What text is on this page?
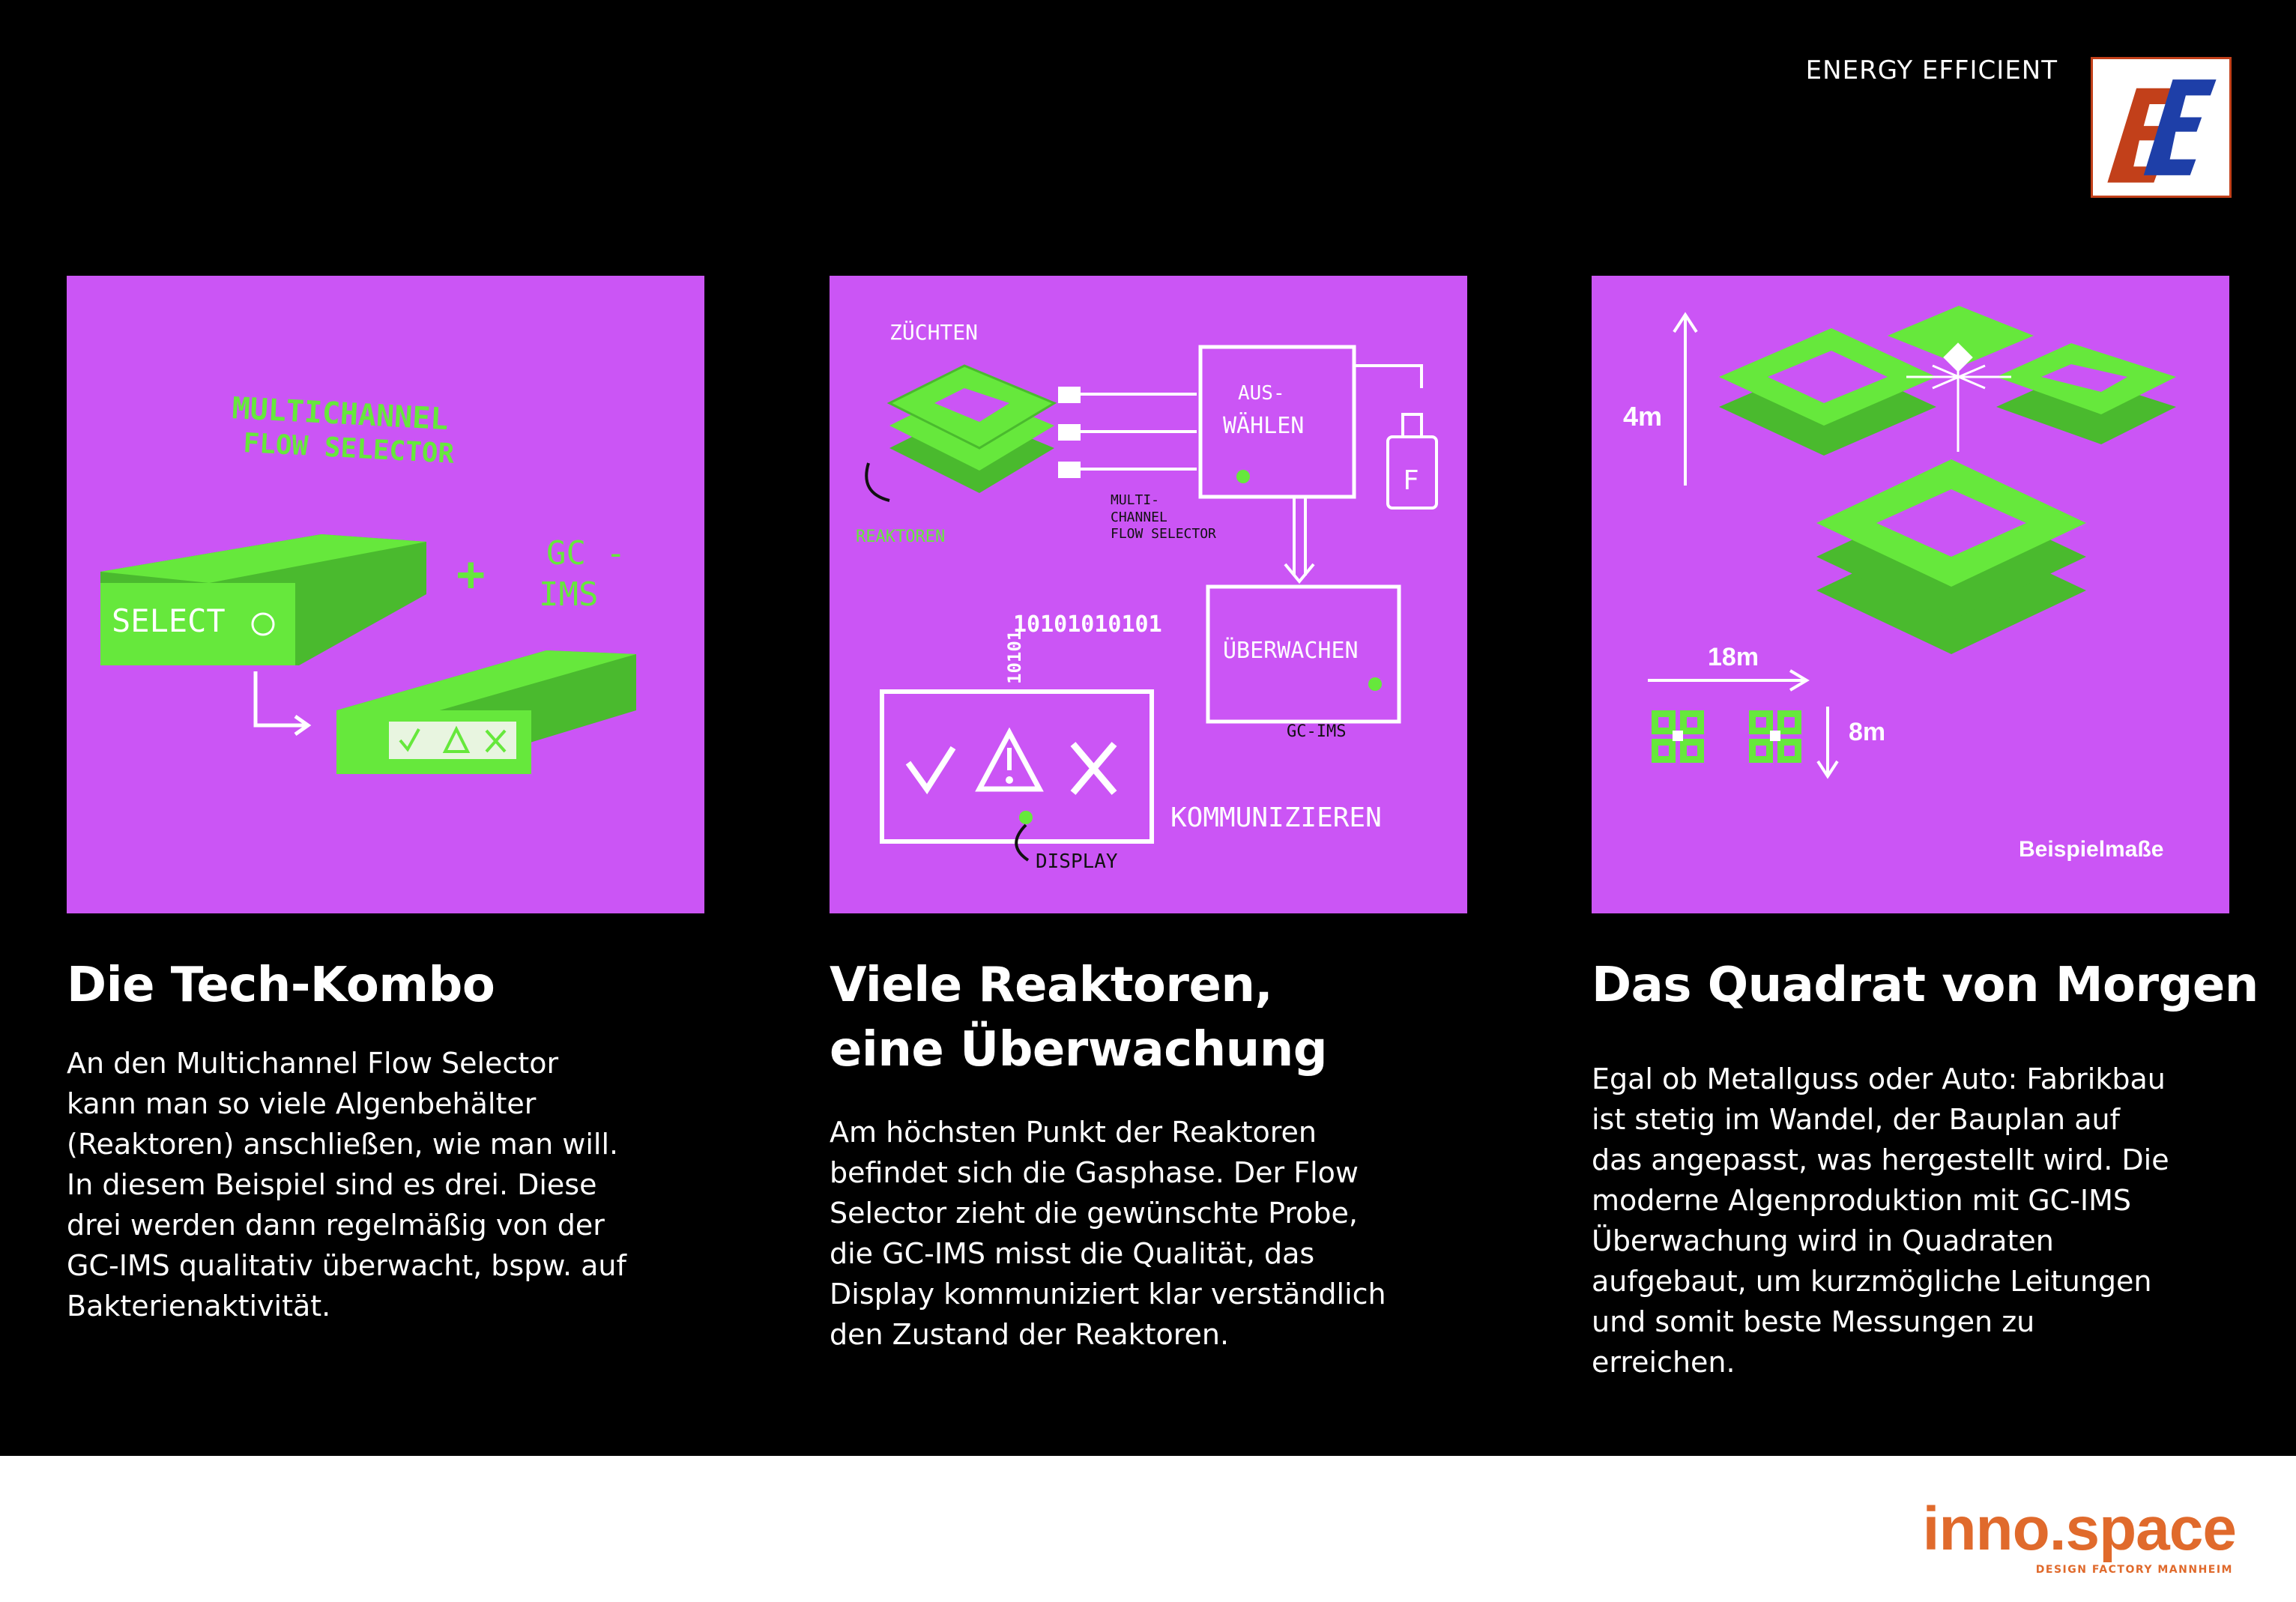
ENERGY EFFICIENT
MULTICHANNEL
FLOW SELECTOR
SELECT
+ GC -
IMS
ZÜCHTEN
REAKTOREN
AUS-
WÄHLEN
MULTI-
CHANNEL
FLOW SELECTOR
F
ÜBERWACHEN
GC-IMS
10101010101
10101
DISPLAY
KOMMUNIZIEREN
4m
18m
8m
Beispielmaße
Die Tech-Kombo

An den Multichannel Flow Selector kann man so viele Algenbehälter (Reaktoren) anschließen, wie man will. In diesem Beispiel sind es drei. Diese drei werden dann regelmäßig von der GC-IMS qualitativ überwacht, bspw. auf Bakterienaktivität.

Viele Reaktoren,
eine Überwachung

Am höchsten Punkt der Reaktoren befindet sich die Gasphase. Der Flow Selector zieht die gewünschte Probe, die GC-IMS misst die Qualität, das Display kommuniziert klar verständlich den Zustand der Reaktoren.

Das Quadrat von Morgen

Egal ob Metallguss oder Auto: Fabrikbau ist stetig im Wandel, der Bauplan auf das angepasst, was hergestellt wird. Die moderne Algenproduktion mit GC-IMS Überwachung wird in Quadraten aufgebaut, um kurzmögliche Leitungen und somit beste Messungen zu erreichen.

inno.space
DESIGN FACTORY MANNHEIM
